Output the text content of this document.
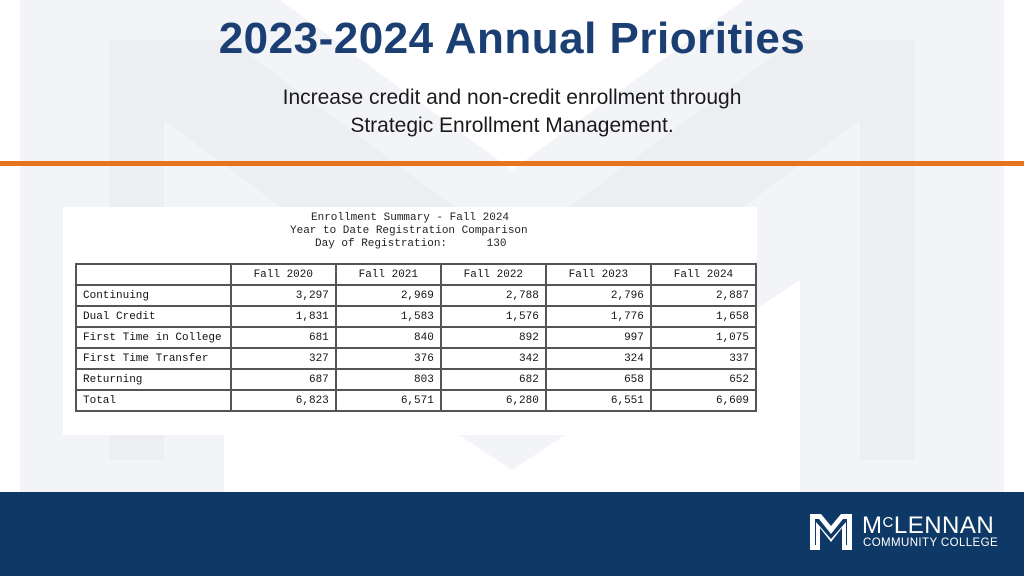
2023-2024 Annual Priorities
Increase credit and non-credit enrollment through
Strategic Enrollment Management.
Enrollment Summary - Fall 2024
Year to Date Registration Comparison
Day of Registration:      130
	Fall 2020	Fall 2021	Fall 2022	Fall 2023	Fall 2024
Continuing	3,297	2,969	2,788	2,796	2,887
Dual Credit	1,831	1,583	1,576	1,776	1,658
First Time in College	681	840	892	997	1,075
First Time Transfer	327	376	342	324	337
Returning	687	803	682	658	652
Total	6,823	6,571	6,280	6,551	6,609
$M^CLENNAN$
COMMUNITY COLLEGE
